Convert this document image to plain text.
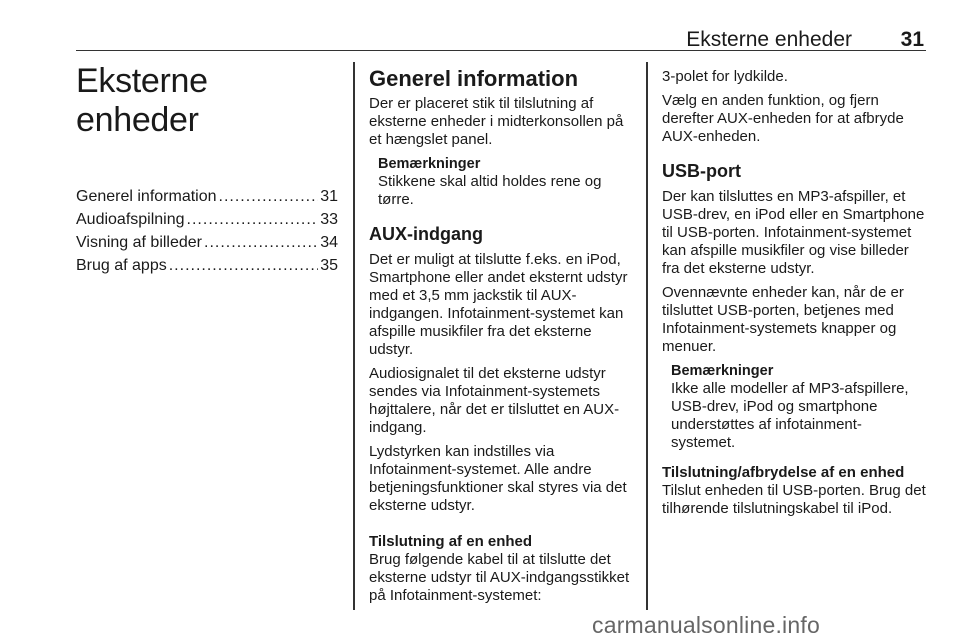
Eksterne enheder 31
Eksterne enheder
Generel information .....	31
Audioafspilning .....	33
Visning af billeder .....	34
Brug af apps .....	35
Generel information

Der er placeret stik til tilslutning af eksterne enheder i midterkonsollen på et hængslet panel.

Bemærkninger
Stikkene skal altid holdes rene og tørre.
AUX-indgang

Det er muligt at tilslutte f.eks. en iPod, Smartphone eller andet eksternt udstyr med et 3,5 mm jackstik til AUX-indgangen. Infotainment-systemet kan afspille musikfiler fra det eksterne udstyr.

Audiosignalet til det eksterne udstyr sendes via Infotainment-systemets højttalere, når det er tilsluttet en AUX-indgang.

Lydstyrken kan indstilles via Infotainment-systemet. Alle andre betjeningsfunktioner skal styres via det eksterne udstyr.

Tilslutning af en enhed

Brug følgende kabel til at tilslutte det eksterne udstyr til AUX-indgangsstikket på Infotainment-systemet:

3-polet for lydkilde.

Vælg en anden funktion, og fjern derefter AUX-enheden for at afbryde AUX-enheden.

USB-port

Der kan tilsluttes en MP3-afspiller, et USB-drev, en iPod eller en Smartphone til USB-porten. Infotainment-systemet kan afspille musikfiler og vise billeder fra det eksterne udstyr.

Ovennævnte enheder kan, når de er tilsluttet USB-porten, betjenes med Infotainment-systemets knapper og menuer.

Bemærkninger
Ikke alle modeller af MP3-afspillere, USB-drev, iPod og smartphone understøttes af infotainment-systemet.
Tilslutning/afbrydelse af en enhed

Tilslut enheden til USB-porten. Brug det tilhørende tilslutningskabel til iPod.

carmanualsonline.info
